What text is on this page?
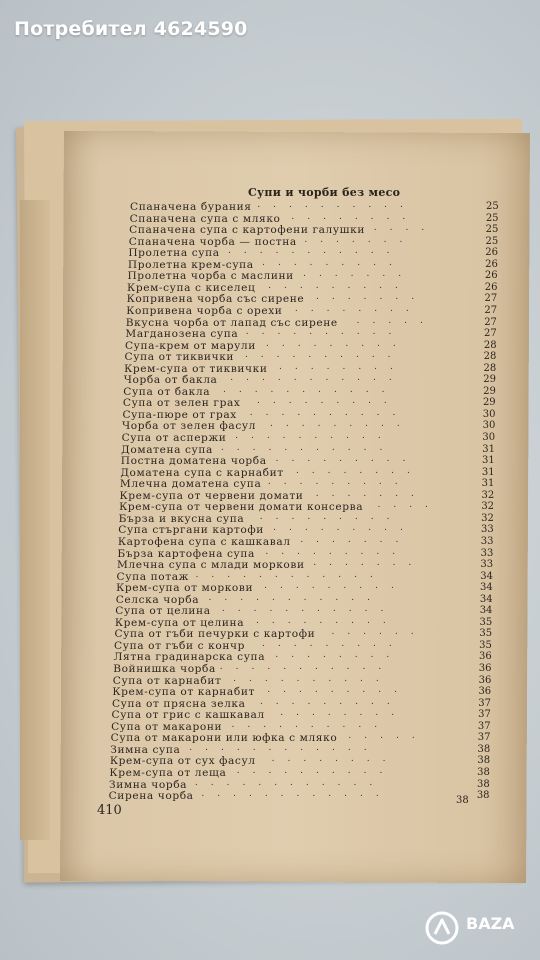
Супи и чорби без месо
Спаначена бурания	25
..........
Спаначена супа с мляко	25
........
Спаначена супа с картофени галушки	25
....
Спаначена чорба — постна	25
.......
Пролетна супа	26
...........
Пролетна крем-супа	26
.........
Пролетна чорба с маслини	26
.......
Крем-супа с киселец	26
.........
Копривена чорба със сирене	27
.......
Копривена чорба с орехи	27
........
Вкусна чорба от лапад със сирене	27
.....
Магданозена супа	27
..........
Супа-крем от марули	28
.........
Супа от тиквички	28
..........
Крем-супа от тиквички	28
........
Чорба от бакла	29
...........
Супа от бакла	29
...........
Супа от зелен грах	29
.........
Супа-пюре от грах	30
..........
Чорба от зелен фасул	30
.........
Супа от аспержи	30
..........
Доматена супа	31
...........
Постна доматена чорба	31
.........
Доматена супа с карнабит	31
........
Млечна доматена супа	31
.........
Крем-супа от червени домати	32
.......
Крем-супа от червени домати консерва	32
....
Бърза и вкусна супа	32
.........
Супа стъргани картофи	33
.........
Картофена супа с кашкавал	33
.......
Бърза картофена супа	33
.........
Млечна супа с млади моркови	33
.......
Супа потаж	34
............
Крем-супа от моркови	34
.........
Селска чорба	34
...........
Супа от целина	34
...........
Крем-супа от целина	35
.........
Супа от гъби печурки с картофи	35
......
Супа от гъби с кончр	35
.........
Лятна градинарска супа	36
........
Войнишка чорба	36
...........
Супа от карнабит	36
..........
Крем-супа от карнабит	36
.........
Супа от прясна зелка	37
.........
Супа от грис с кашкавал	37
........
Супа от макарони	37
..........
Супа от макарони или юфка с мляко	37
.....
Зимна супа	38
............
Крем-супа от сух фасул	38
........
Крем-супа от леща	38
..........
Зимна чорба	38
............
Сиренa чорба	38
............
38
410
Потребител 4624590
BAZA
